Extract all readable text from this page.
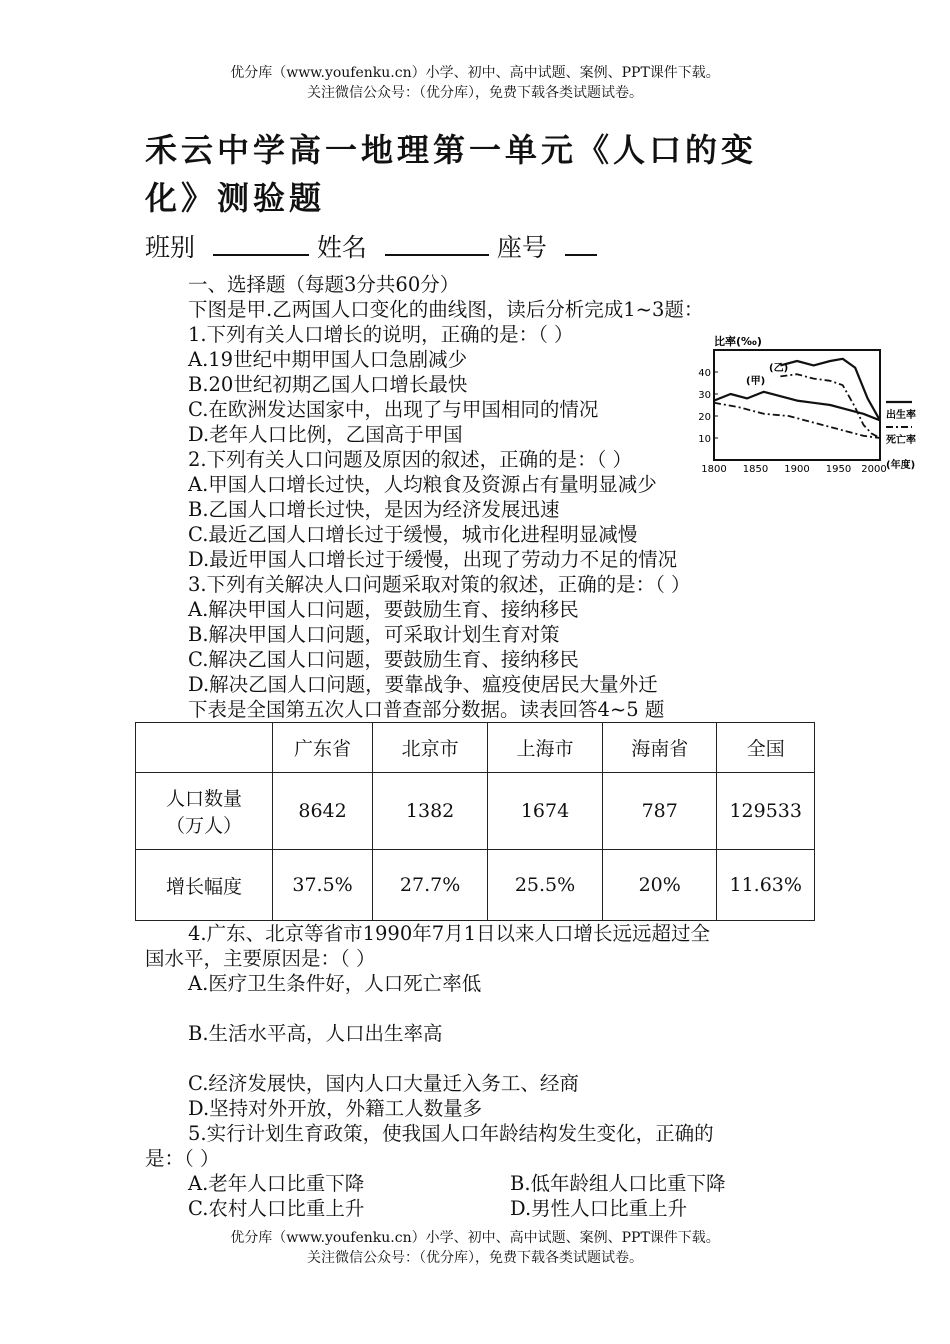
优分库（www.youfenku.cn）小学、初中、高中试题、案例、PPT课件下载。
关注微信公众号：（优分库），免费下载各类试题试卷。
禾云中学高一地理第一单元《人口的变
化》测验题
班别	姓名	座号
一、选择题（每题3分共60分）
下图是甲.乙两国人口变化的曲线图，读后分析完成1~3题：
1.下列有关人口增长的说明，正确的是：（ ）
A.19世纪中期甲国人口急剧减少
B.20世纪初期乙国人口增长最快
C.在欧洲发达国家中，出现了与甲国相同的情况
D.老年人口比例，乙国高于甲国
2.下列有关人口问题及原因的叙述，正确的是：（ ）
A.甲国人口增长过快，人均粮食及资源占有量明显减少
B.乙国人口增长过快，是因为经济发展迅速
C.最近乙国人口增长过于缓慢，城市化进程明显减慢
D.最近甲国人口增长过于缓慢，出现了劳动力不足的情况
3.下列有关解决人口问题采取对策的叙述，正确的是：（ ）
A.解决甲国人口问题，要鼓励生育、接纳移民
B.解决甲国人口问题，可采取计划生育对策
C.解决乙国人口问题，要鼓励生育、接纳移民
D.解决乙国人口问题，要靠战争、瘟疫使居民大量外迁
下表是全国第五次人口普查部分数据。读表回答4~5 题
比率(‰)
10
20
30
40
1800 1850 1900 1950 2000
(甲)
(乙)
出生率
死亡率
(年度)
	广东省	北京市	上海市	海南省	全国

人口数量
（万人）	8642	1382	1674	787	129533
增长幅度	37.5%	27.7%	25.5%	20%	11.63%
4.广东、北京等省市1990年7月1日以来人口增长远远超过全
国水平，主要原因是：（ ）
A.医疗卫生条件好，人口死亡率低
B.生活水平高，人口出生率高
C.经济发展快，国内人口大量迁入务工、经商
D.坚持对外开放，外籍工人数量多
5.实行计划生育政策，使我国人口年龄结构发生变化，正确的
是：（ ）
A.老年人口比重下降	B.低年龄组人口比重下降
C.农村人口比重上升	D.男性人口比重上升
优分库（www.youfenku.cn）小学、初中、高中试题、案例、PPT课件下载。
关注微信公众号：（优分库），免费下载各类试题试卷。
